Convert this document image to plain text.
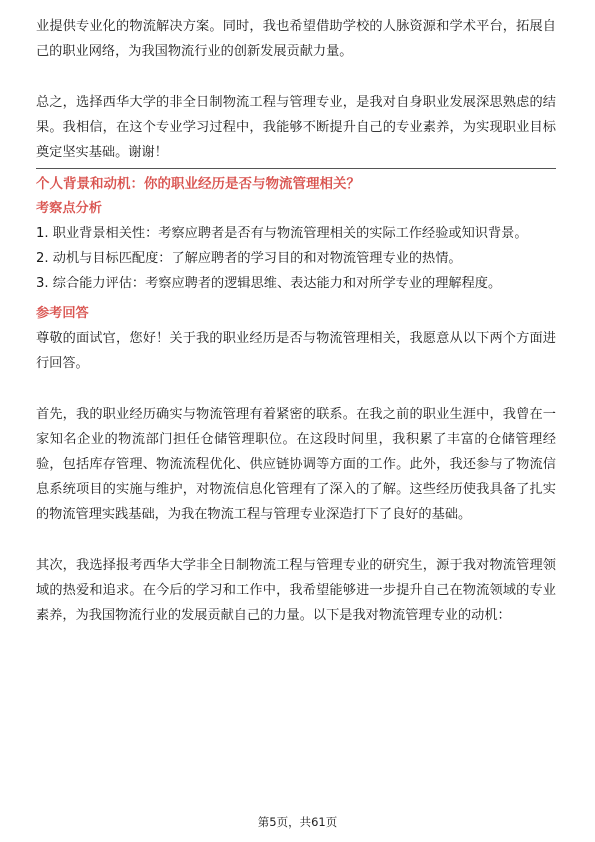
业提供专业化的物流解决方案。同时，我也希望借助学校的人脉资源和学术平台，拓展自己的职业网络，为我国物流行业的创新发展贡献力量。

总之，选择西华大学的非全日制物流工程与管理专业，是我对自身职业发展深思熟虑的结果。我相信，在这个专业学习过程中，我能够不断提升自己的专业素养，为实现职业目标奠定坚实基础。谢谢！

个人背景和动机：你的职业经历是否与物流管理相关？

考察点分析

1. 职业背景相关性：考察应聘者是否有与物流管理相关的实际工作经验或知识背景。

2. 动机与目标匹配度：了解应聘者的学习目的和对物流管理专业的热情。

3. 综合能力评估：考察应聘者的逻辑思维、表达能力和对所学专业的理解程度。

参考回答

尊敬的面试官，您好！关于我的职业经历是否与物流管理相关，我愿意从以下两个方面进行回答。

首先，我的职业经历确实与物流管理有着紧密的联系。在我之前的职业生涯中，我曾在一家知名企业的物流部门担任仓储管理职位。在这段时间里，我积累了丰富的仓储管理经验，包括库存管理、物流流程优化、供应链协调等方面的工作。此外，我还参与了物流信息系统项目的实施与维护，对物流信息化管理有了深入的了解。这些经历使我具备了扎实的物流管理实践基础，为我在物流工程与管理专业深造打下了良好的基础。

其次，我选择报考西华大学非全日制物流工程与管理专业的研究生，源于我对物流管理领域的热爱和追求。在今后的学习和工作中，我希望能够进一步提升自己在物流领域的专业素养，为我国物流行业的发展贡献自己的力量。以下是我对物流管理专业的动机：

第5页，共61页
